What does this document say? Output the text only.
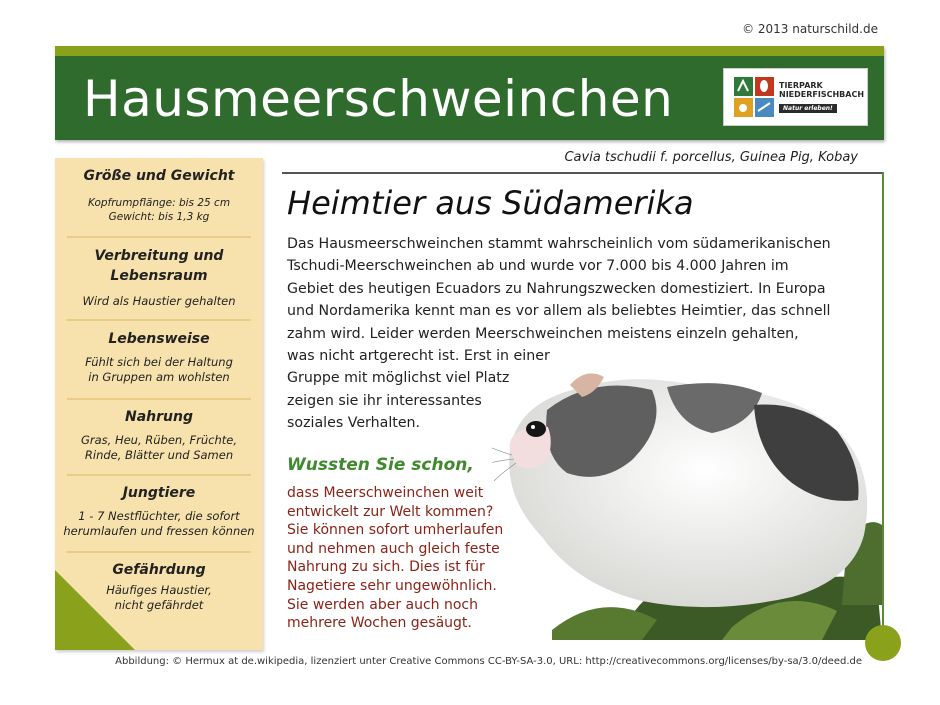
© 2013 naturschild.de
Hausmeerschweinchen	TIERPARK
NIEDERFISCHBACH
Natur erleben!
Größe und Gewicht
Kopfrumpflänge: bis 25 cm
Gewicht: bis 1,3 kg
Verbreitung und
Lebensraum
Wird als Haustier gehalten
Lebensweise
Fühlt sich bei der Haltung
in Gruppen am wohlsten
Nahrung
Gras, Heu, Rüben, Früchte,
Rinde, Blätter und Samen
Jungtiere
1 - 7 Nestflüchter, die sofort
herumlaufen und fressen können
Gefährdung
Häufiges Haustier,
nicht gefährdet
Cavia tschudii f. porcellus, Guinea Pig, Kobay
Heimtier aus Südamerika
Das Hausmeerschweinchen stammt wahrscheinlich vom südamerikanischen
Tschudi-Meerschweinchen ab und wurde vor 7.000 bis 4.000 Jahren im
Gebiet des heutigen Ecuadors zu Nahrungszwecken domestiziert. In Europa
und Nordamerika kennt man es vor allem als beliebtes Heimtier, das schnell
zahm wird. Leider werden Meerschweinchen meistens einzeln gehalten,
was nicht artgerecht ist. Erst in einer
Gruppe mit möglichst viel Platz
zeigen sie ihr interessantes
soziales Verhalten.
Wussten Sie schon,
dass Meerschweinchen weit
entwickelt zur Welt kommen?
Sie können sofort umherlaufen
und nehmen auch gleich feste
Nahrung zu sich. Dies ist für
Nagetiere sehr ungewöhnlich.
Sie werden aber auch noch
mehrere Wochen gesäugt.
Abbildung: © Hermux at de.wikipedia, lizenziert unter Creative Commons CC-BY-SA-3.0, URL: http://creativecommons.org/licenses/by-sa/3.0/deed.de
